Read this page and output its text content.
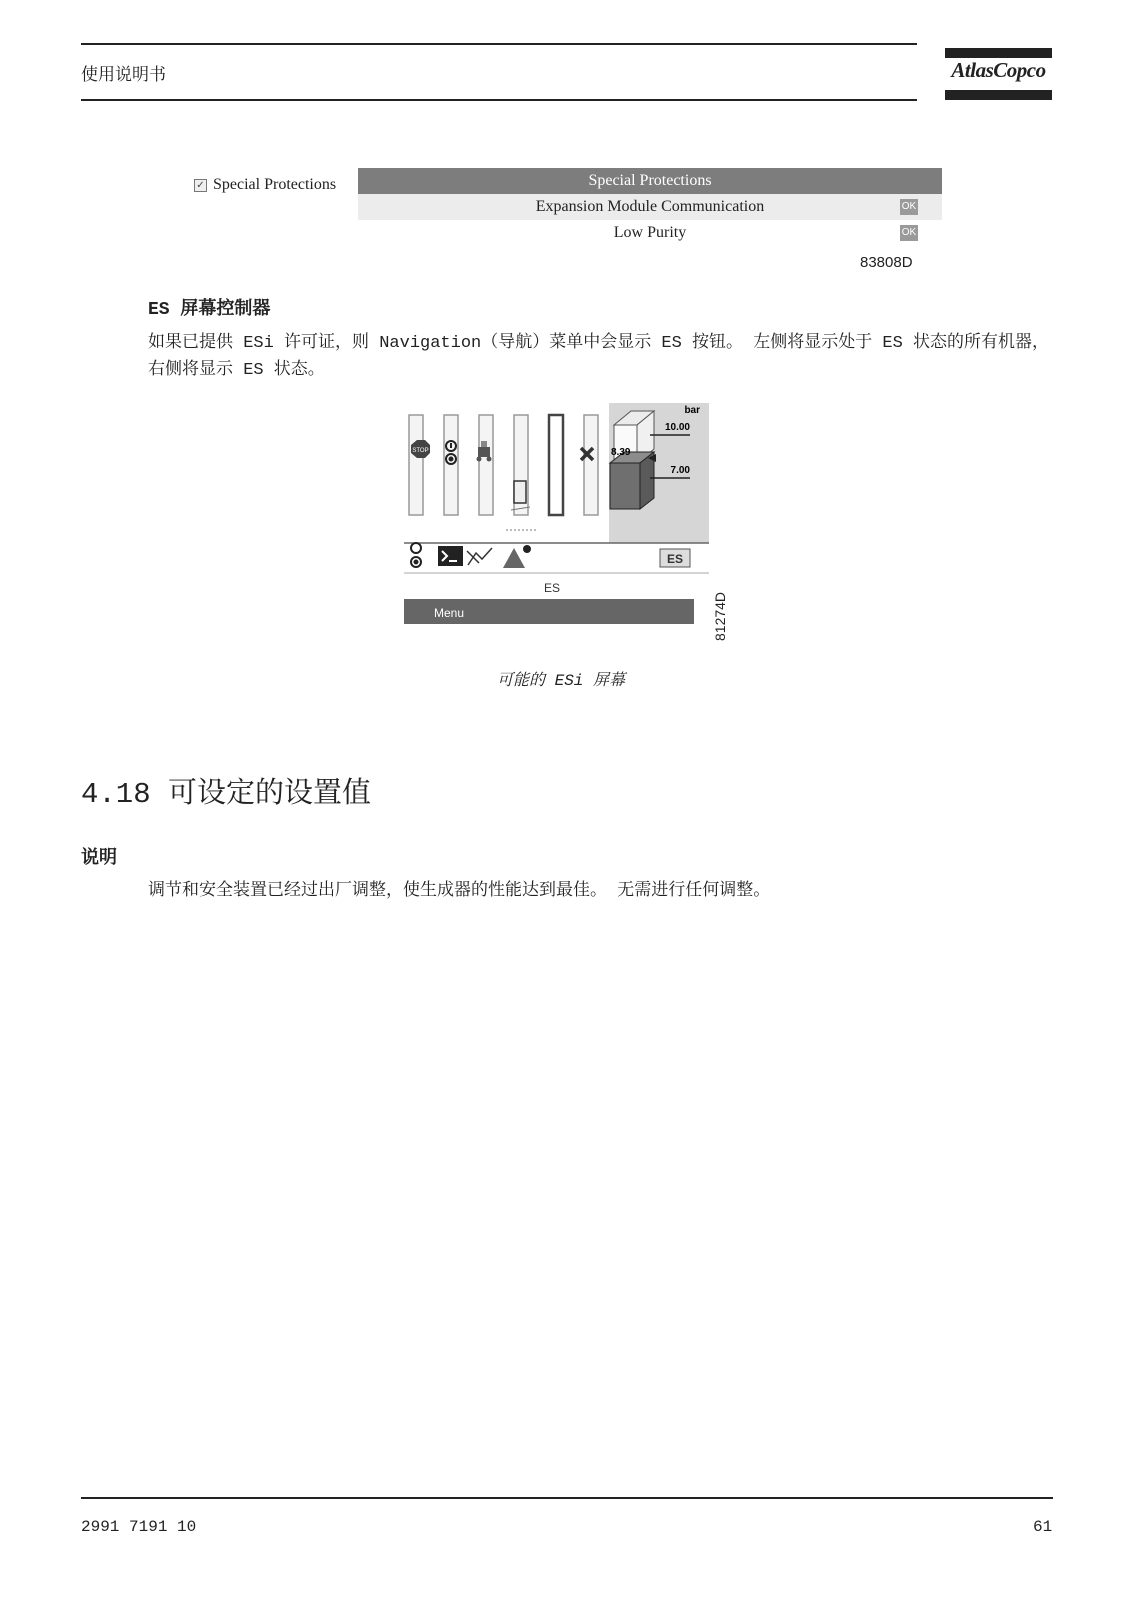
使用说明书	AtlasCopco
✓ Special Protections	Special Protections
Expansion Module Communication	OK
Low Purity	OK
83808D
ES 屏幕控制器
如果已提供 ESi 许可证，则 Navigation（导航）菜单中会显示 ES 按钮。 左侧将显示处于 ES 状态的所有机器，右侧将显示 ES 状态。
STOP
bar
10.00
8.39
7.00
ES
ES
Menu	81274D
可能的 ESi 屏幕
4.18 可设定的设置值
说明
调节和安全装置已经过出厂调整，使生成器的性能达到最佳。 无需进行任何调整。
2991 7191 10	61
